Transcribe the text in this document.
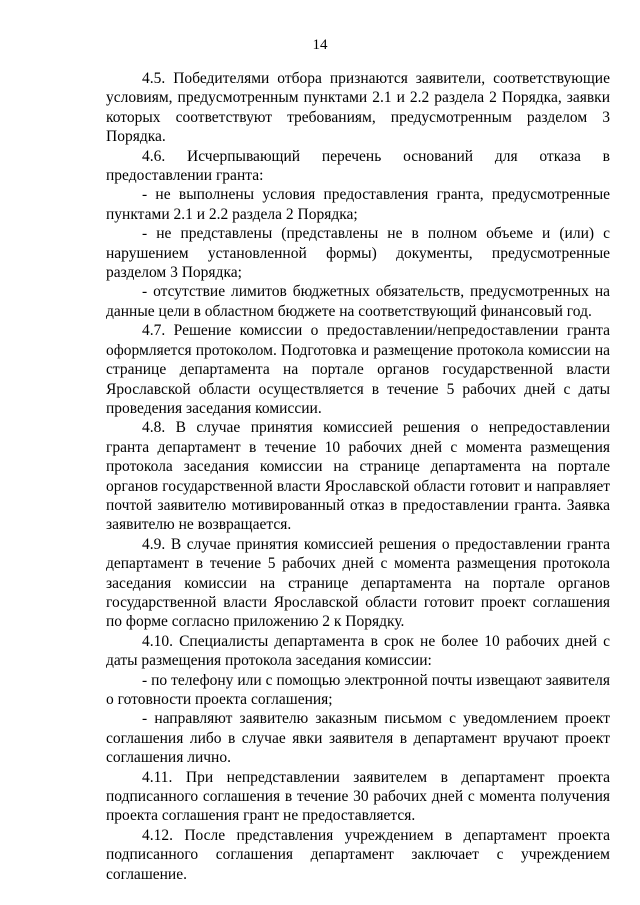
14

4.5. Победителями отбора признаются заявители, соответствующие условиям, предусмотренным пунктами 2.1 и 2.2 раздела 2 Порядка, заявки которых соответствуют требованиям, предусмотренным разделом 3 Порядка.

4.6. Исчерпывающий перечень оснований для отказа в предоставлении гранта:

- не выполнены условия предоставления гранта, предусмотренные пунктами 2.1 и 2.2 раздела 2 Порядка;

- не представлены (представлены не в полном объеме и (или) с нарушением установленной формы) документы, предусмотренные разделом 3 Порядка;

- отсутствие лимитов бюджетных обязательств, предусмотренных на данные цели в областном бюджете на соответствующий финансовый год.

4.7. Решение комиссии о предоставлении/непредоставлении гранта оформляется протоколом. Подготовка и размещение протокола комиссии на странице департамента на портале органов государственной власти Ярославской области осуществляется в течение 5 рабочих дней с даты проведения заседания комиссии.

4.8. В случае принятия комиссией решения о непредоставлении гранта департамент в течение 10 рабочих дней с момента размещения протокола заседания комиссии на странице департамента на портале органов государственной власти Ярославской области готовит и направляет почтой заявителю мотивированный отказ в предоставлении гранта. Заявка заявителю не возвращается.

4.9. В случае принятия комиссией решения о предоставлении гранта департамент в течение 5 рабочих дней с момента размещения протокола заседания комиссии на странице департамента на портале органов государственной власти Ярославской области готовит проект соглашения по форме согласно приложению 2 к Порядку.

4.10. Специалисты департамента в срок не более 10 рабочих дней с даты размещения протокола заседания комиссии:

- по телефону или с помощью электронной почты извещают заявителя о готовности проекта соглашения;

- направляют заявителю заказным письмом с уведомлением проект соглашения либо в случае явки заявителя в департамент вручают проект соглашения лично.

4.11. При непредставлении заявителем в департамент проекта подписанного соглашения в течение 30 рабочих дней с момента получения проекта соглашения грант не предоставляется.

4.12. После представления учреждением в департамент проекта подписанного соглашения департамент заключает с учреждением соглашение.
